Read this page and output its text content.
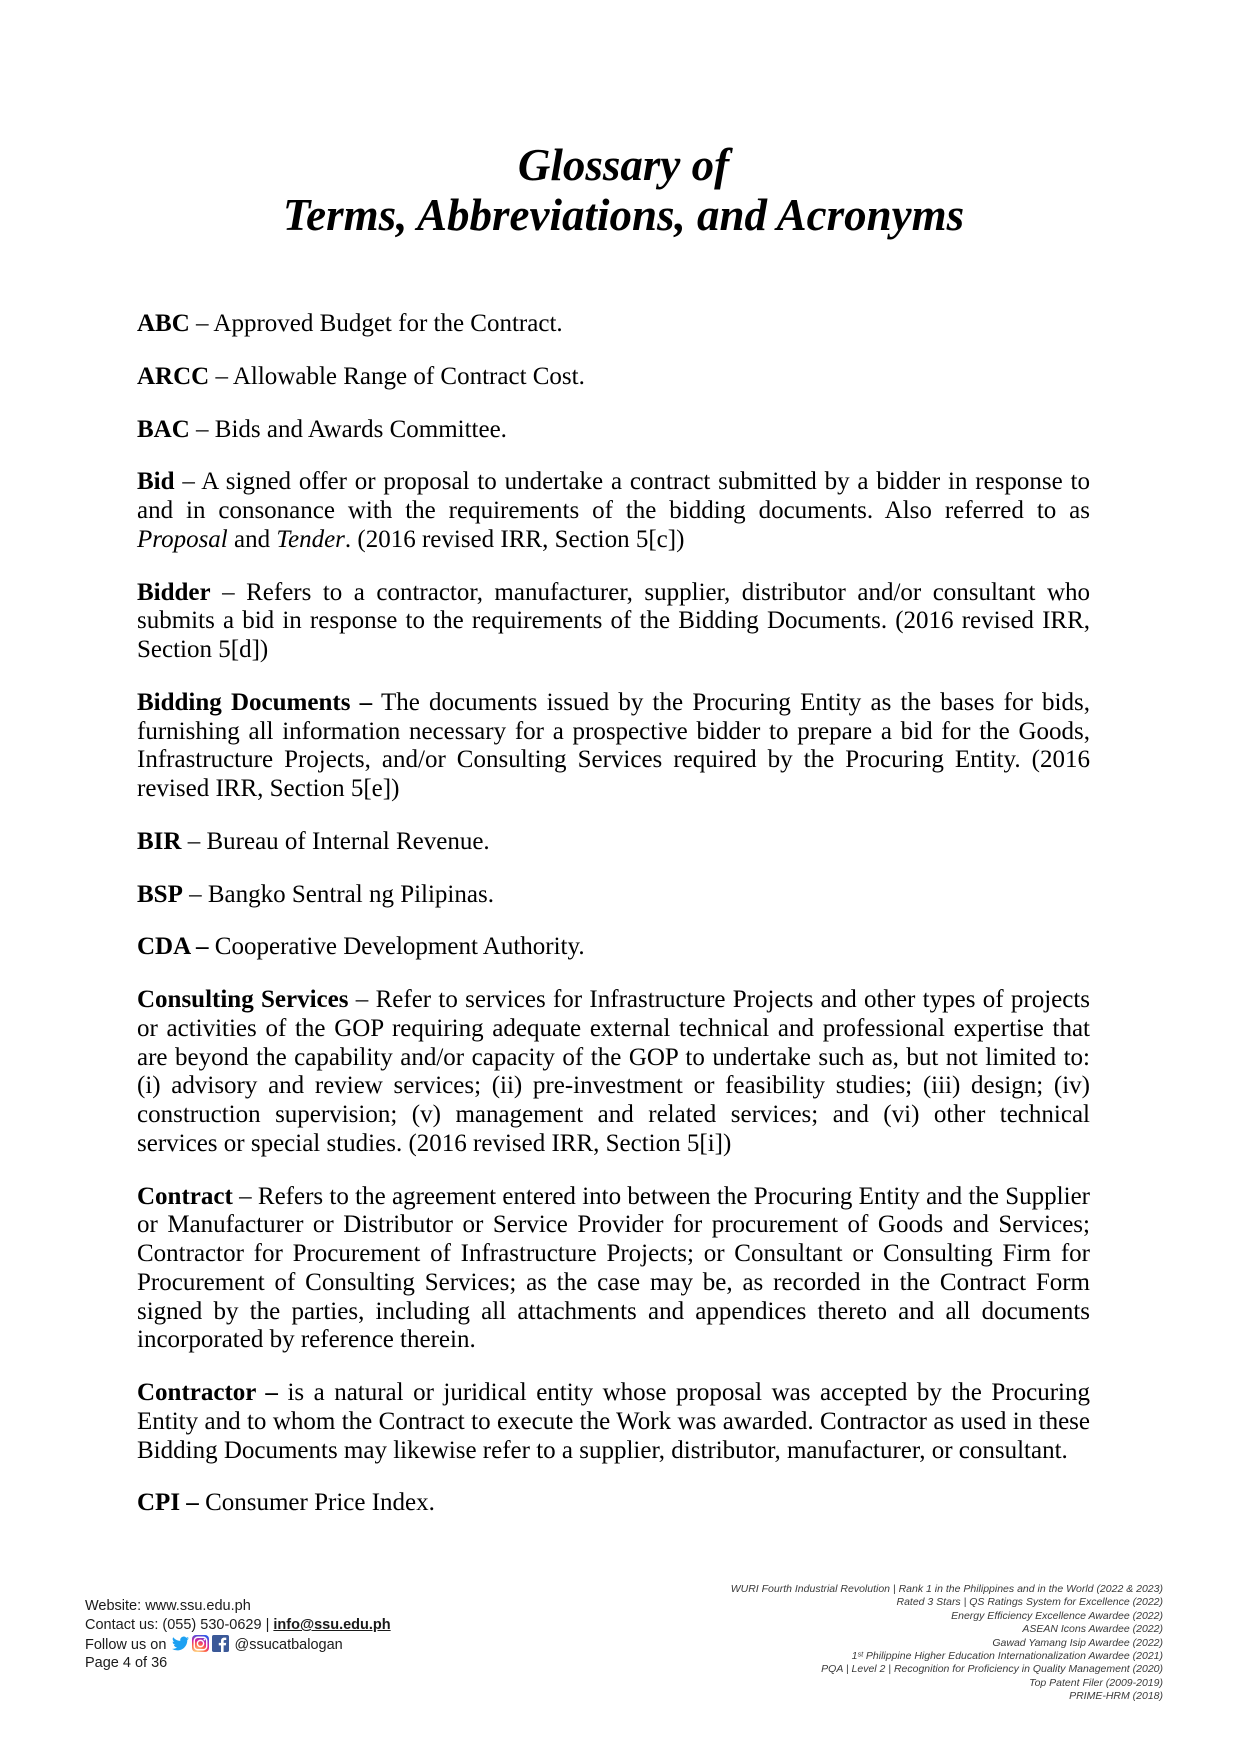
Glossary of
Terms, Abbreviations, and Acronyms

ABC – Approved Budget for the Contract.

ARCC – Allowable Range of Contract Cost.

BAC – Bids and Awards Committee.

Bid – A signed offer or proposal to undertake a contract submitted by a bidder in response to and in consonance with the requirements of the bidding documents. Also referred to as Proposal and Tender. (2016 revised IRR, Section 5[c])

Bidder – Refers to a contractor, manufacturer, supplier, distributor and/or consultant who submits a bid in response to the requirements of the Bidding Documents. (2016 revised IRR, Section 5[d])

Bidding Documents – The documents issued by the Procuring Entity as the bases for bids, furnishing all information necessary for a prospective bidder to prepare a bid for the Goods, Infrastructure Projects, and/or Consulting Services required by the Procuring Entity. (2016 revised IRR, Section 5[e])

BIR – Bureau of Internal Revenue.

BSP – Bangko Sentral ng Pilipinas.

CDA – Cooperative Development Authority.

Consulting Services – Refer to services for Infrastructure Projects and other types of projects or activities of the GOP requiring adequate external technical and professional expertise that are beyond the capability and/or capacity of the GOP to undertake such as, but not limited to: (i) advisory and review services; (ii) pre-investment or feasibility studies; (iii) design; (iv) construction supervision; (v) management and related services; and (vi) other technical services or special studies. (2016 revised IRR, Section 5[i])

Contract – Refers to the agreement entered into between the Procuring Entity and the Supplier or Manufacturer or Distributor or Service Provider for procurement of Goods and Services; Contractor for Procurement of Infrastructure Projects; or Consultant or Consulting Firm for Procurement of Consulting Services; as the case may be, as recorded in the Contract Form signed by the parties, including all attachments and appendices thereto and all documents incorporated by reference therein.

Contractor – is a natural or juridical entity whose proposal was accepted by the Procuring Entity and to whom the Contract to execute the Work was awarded. Contractor as used in these Bidding Documents may likewise refer to a supplier, distributor, manufacturer, or consultant.

CPI – Consumer Price Index.

Website: www.ssu.edu.ph
Contact us: (055) 530-0629 | info@ssu.edu.ph
Follow us on	@ssucatbalogan
Page 4 of 36
WURI Fourth Industrial Revolution | Rank 1 in the Philippines and in the World (2022 & 2023)
Rated 3 Stars | QS Ratings System for Excellence (2022)
Energy Efficiency Excellence Awardee (2022)
ASEAN Icons Awardee (2022)
Gawad Yamang Isip Awardee (2022)
1ˢᵗ Philippine Higher Education Internationalization Awardee (2021)
PQA | Level 2 | Recognition for Proficiency in Quality Management (2020)
Top Patent Filer (2009-2019)
PRIME-HRM (2018)
